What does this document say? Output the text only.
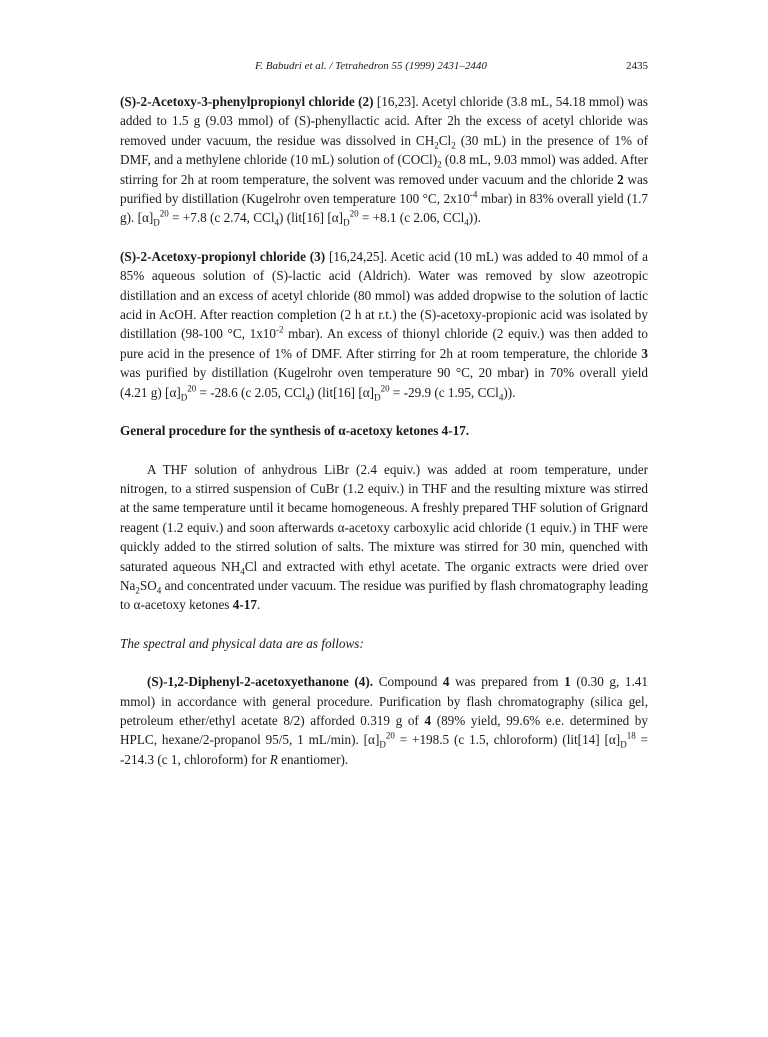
F. Babudri et al. / Tetrahedron 55 (1999) 2431–2440	2435

(S)-2-Acetoxy-3-phenylpropionyl chloride (2) [16,23]. Acetyl chloride (3.8 mL, 54.18 mmol) was added to 1.5 g (9.03 mmol) of (S)-phenyllactic acid. After 2h the excess of acetyl chloride was removed under vacuum, the residue was dissolved in $CH_2Cl_2$ (30 mL) in the presence of 1% of DMF, and a methylene chloride (10 mL) solution of $(COCl)_2$ (0.8 mL, 9.03 mmol) was added. After stirring for 2h at room temperature, the solvent was removed under vacuum and the chloride 2 was purified by distillation (Kugelrohr oven temperature 100 °C, $2x10^{-4}$ mbar) in 83% overall yield (1.7 g). $[\alpha]_D^{20} = +7.8$ (c 2.74, CCl$_4$) (lit[16] $[\alpha]_D^{20} = +8.1$ (c 2.06, CCl$_4$)).

(S)-2-Acetoxy-propionyl chloride (3) [16,24,25]. Acetic acid (10 mL) was added to 40 mmol of a 85% aqueous solution of (S)-lactic acid (Aldrich). Water was removed by slow azeotropic distillation and an excess of acetyl chloride (80 mmol) was added dropwise to the solution of lactic acid in AcOH. After reaction completion (2 h at r.t.) the (S)-acetoxy-propionic acid was isolated by distillation (98-100 °C, $1x10^{-2}$ mbar). An excess of thionyl chloride (2 equiv.) was then added to pure acid in the presence of 1% of DMF. After stirring for 2h at room temperature, the chloride 3 was purified by distillation (Kugelrohr oven temperature 90 °C, 20 mbar) in 70% overall yield (4.21 g) $[\alpha]_D^{20} = -28.6$ (c 2.05, CCl$_4$) (lit[16] $[\alpha]_D^{20} = -29.9$ (c 1.95, CCl$_4$)).

General procedure for the synthesis of α-acetoxy ketones 4-17.

A THF solution of anhydrous LiBr (2.4 equiv.) was added at room temperature, under nitrogen, to a stirred suspension of CuBr (1.2 equiv.) in THF and the resulting mixture was stirred at the same temperature until it became homogeneous. A freshly prepared THF solution of Grignard reagent (1.2 equiv.) and soon afterwards α-acetoxy carboxylic acid chloride (1 equiv.) in THF were quickly added to the stirred solution of salts. The mixture was stirred for 30 min, quenched with saturated aqueous $NH_4Cl$ and extracted with ethyl acetate. The organic extracts were dried over $Na_2SO_4$ and concentrated under vacuum. The residue was purified by flash chromatography leading to α-acetoxy ketones 4-17.

The spectral and physical data are as follows:

(S)-1,2-Diphenyl-2-acetoxyethanone (4). Compound 4 was prepared from 1 (0.30 g, 1.41 mmol) in accordance with general procedure. Purification by flash chromatography (silica gel, petroleum ether/ethyl acetate 8/2) afforded 0.319 g of 4 (89% yield, 99.6% e.e. determined by HPLC, hexane/2-propanol 95/5, 1 mL/min). $[\alpha]_D^{20} = +198.5$ (c 1.5, chloroform) (lit[14] $[\alpha]_D^{18} = -214.3$ (c 1, chloroform) for R enantiomer).
